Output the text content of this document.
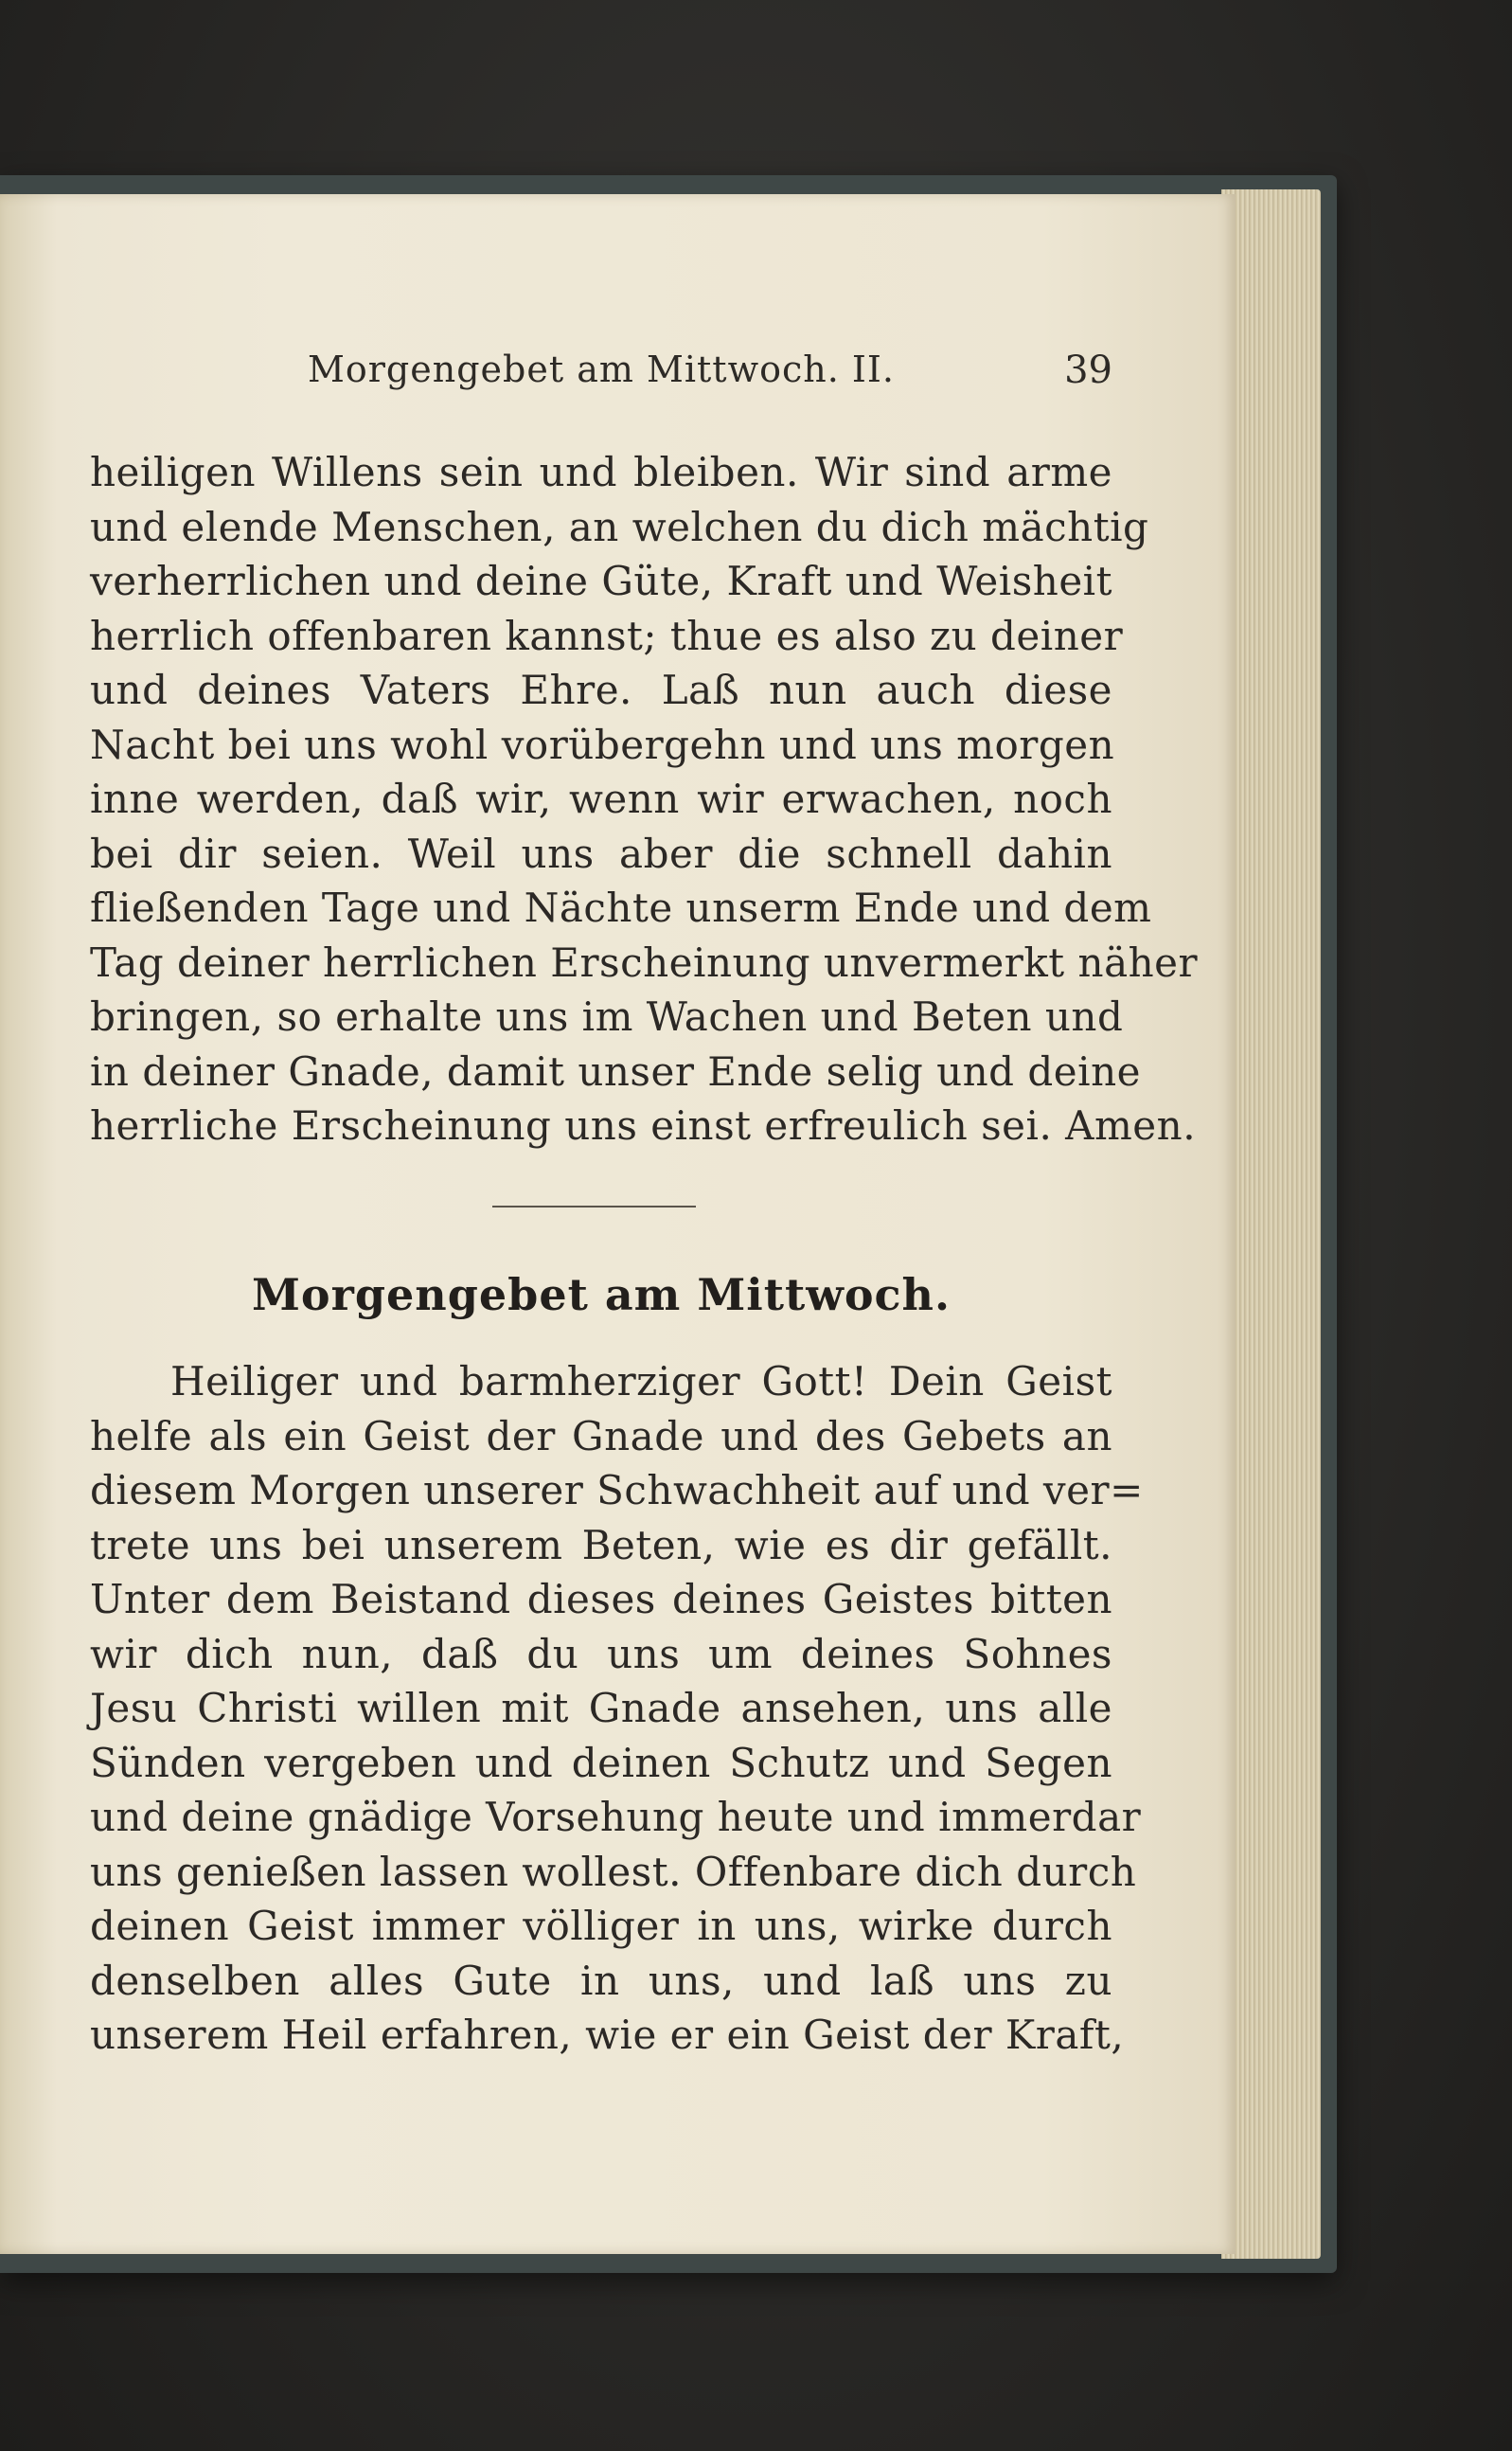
Morgengebet am Mittwoch. II.	39
heiligen Willens sein und bleiben. Wir sind arme
und elende Menschen, an welchen du dich mächtig
verherrlichen und deine Güte, Kraft und Weisheit
herrlich offenbaren kannst; thue es also zu deiner
und deines Vaters Ehre. Laß nun auch diese
Nacht bei uns wohl vorübergehn und uns morgen
inne werden, daß wir, wenn wir erwachen, noch
bei dir seien. Weil uns aber die schnell dahin
fließenden Tage und Nächte unserm Ende und dem
Tag deiner herrlichen Erscheinung unvermerkt näher
bringen, so erhalte uns im Wachen und Beten und
in deiner Gnade, damit unser Ende selig und deine
herrliche Erscheinung uns einst erfreulich sei. Amen.
Morgengebet am Mittwoch.
Heiliger und barmherziger Gott! Dein Geist
helfe als ein Geist der Gnade und des Gebets an
diesem Morgen unserer Schwachheit auf und ver=
trete uns bei unserem Beten, wie es dir gefällt.
Unter dem Beistand dieses deines Geistes bitten
wir dich nun, daß du uns um deines Sohnes
Jesu Christi willen mit Gnade ansehen, uns alle
Sünden vergeben und deinen Schutz und Segen
und deine gnädige Vorsehung heute und immerdar
uns genießen lassen wollest. Offenbare dich durch
deinen Geist immer völliger in uns, wirke durch
denselben alles Gute in uns, und laß uns zu
unserem Heil erfahren, wie er ein Geist der Kraft,
